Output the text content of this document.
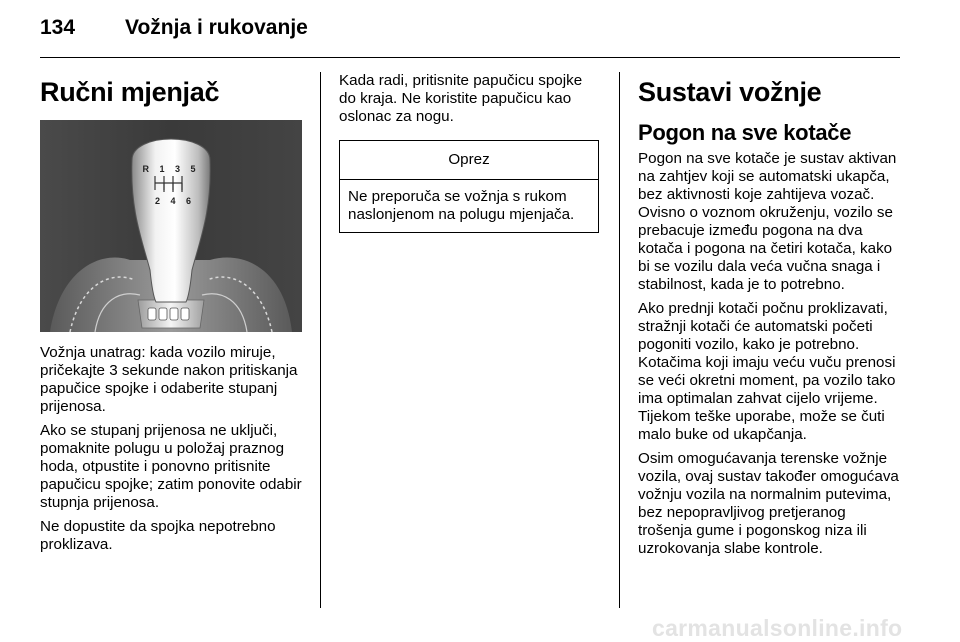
134 Vožnja i rukovanje
Ručni mjenjač
R 1 3 5
2 4 6

Vožnja unatrag: kada vozilo miruje, pričekajte 3 sekunde nakon pritiskanja papučice spojke i odaberite stupanj prijenosa.

Ako se stupanj prijenosa ne uključi, pomaknite polugu u položaj praznog hoda, otpustite i ponovno pritisnite papučicu spojke; zatim ponovite odabir stupnja prijenosa.

Ne dopustite da spojka nepotrebno proklizava.

Kada radi, pritisnite papučicu spojke do kraja. Ne koristite papučicu kao oslonac za nogu.

Oprez
Ne preporuča se vožnja s rukom naslonjenom na polugu mjenjača.
Sustavi vožnje
Pogon na sve kotače

Pogon na sve kotače je sustav aktivan na zahtjev koji se automatski ukapča, bez aktivnosti koje zahtijeva vozač. Ovisno o voznom okruženju, vozilo se prebacuje između pogona na dva kotača i pogona na četiri kotača, kako bi se vozilu dala veća vučna snaga i stabilnost, kada je to potrebno.

Ako prednji kotači počnu proklizavati, stražnji kotači će automatski početi pogoniti vozilo, kako je potrebno. Kotačima koji imaju veću vuču prenosi se veći okretni moment, pa vozilo tako ima optimalan zahvat cijelo vrijeme. Tijekom teške uporabe, može se čuti malo buke od ukapčanja.

Osim omogućavanja terenske vožnje vozila, ovaj sustav također omogućava vožnju vozila na normalnim putevima, bez nepopravljivog pretjeranog trošenja gume i pogonskog niza ili uzrokovanja slabe kontrole.

carmanualsonline.info
